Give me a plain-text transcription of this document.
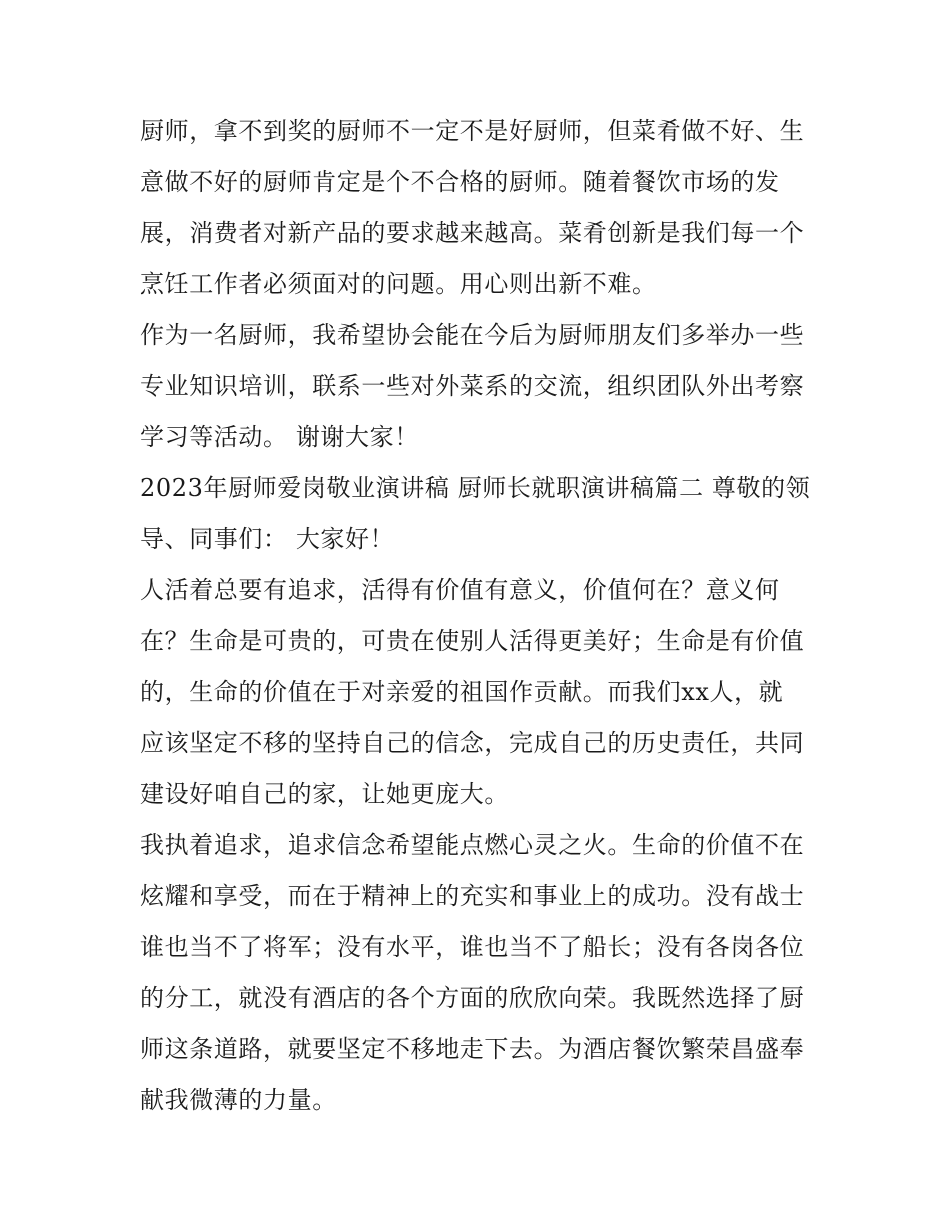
厨师，拿不到奖的厨师不一定不是好厨师，但菜肴做不好、生
意做不好的厨师肯定是个不合格的厨师。随着餐饮市场的发
展，消费者对新产品的要求越来越高。菜肴创新是我们每一个
烹饪工作者必须面对的问题。用心则出新不难。
作为一名厨师，我希望协会能在今后为厨师朋友们多举办一些
专业知识培训，联系一些对外菜系的交流，组织团队外出考察
学习等活动。 谢谢大家！
2023年厨师爱岗敬业演讲稿 厨师长就职演讲稿篇二 尊敬的领
导、同事们： 大家好！
人活着总要有追求，活得有价值有意义，价值何在？意义何
在？生命是可贵的，可贵在使别人活得更美好；生命是有价值
的，生命的价值在于对亲爱的祖国作贡献。而我们xx人，就
应该坚定不移的坚持自己的信念，完成自己的历史责任，共同
建设好咱自己的家，让她更庞大。
我执着追求，追求信念希望能点燃心灵之火。生命的价值不在
炫耀和享受，而在于精神上的充实和事业上的成功。没有战士
谁也当不了将军；没有水平，谁也当不了船长；没有各岗各位
的分工，就没有酒店的各个方面的欣欣向荣。我既然选择了厨
师这条道路，就要坚定不移地走下去。为酒店餐饮繁荣昌盛奉
献我微薄的力量。
